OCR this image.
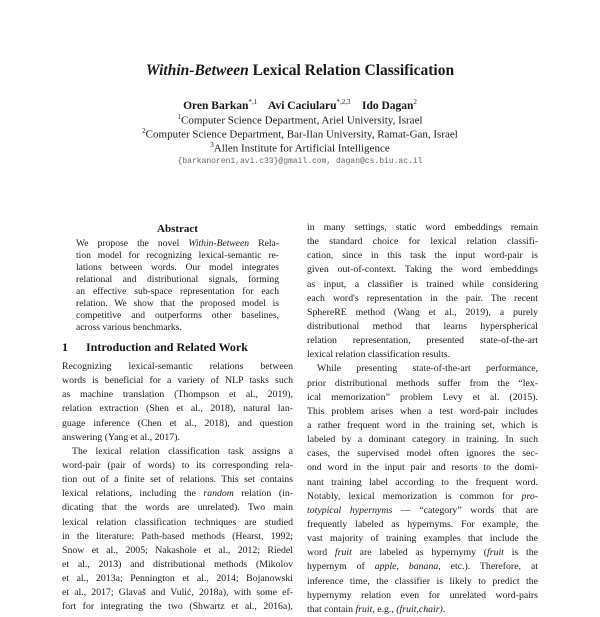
Within-Between Lexical Relation Classification
Oren Barkan$^{*,1}$ Avi Caciularu$^{*,2,3}$ Ido Dagan$^2$
$^1$Computer Science Department, Ariel University, Israel
$^2$Computer Science Department, Bar-Ilan University, Ramat-Gan, Israel
$^3$Allen Institute for Artificial Intelligence
{barkanoren1,avi.c33}@gmail.com, dagan@cs.biu.ac.il
Abstract
We propose the novel Within-Between Rela-
tion model for recognizing lexical-semantic re-
lations between words. Our model integrates
relational and distributional signals, forming
an effective sub-space representation for each
relation. We show that the proposed model is
competitive and outperforms other baselines,
across various benchmarks.
1 Introduction and Related Work
Recognizing lexical-semantic relations between
words is beneficial for a variety of NLP tasks such
as machine translation (Thompson et al., 2019),
relation extraction (Shen et al., 2018), natural lan-
guage inference (Chen et al., 2018), and question
answering (Yang et al., 2017).
The lexical relation classification task assigns a
word-pair (pair of words) to its corresponding rela-
tion out of a finite set of relations. This set contains
lexical relations, including the random relation (in-
dicating that the words are unrelated). Two main
lexical relation classification techniques are studied
in the literature: Path-based methods (Hearst, 1992;
Snow et al., 2005; Nakashole et al., 2012; Riedel
et al., 2013) and distributional methods (Mikolov
et al., 2013a; Pennington et al., 2014; Bojanowski
et al., 2017; Glavaš and Vulić, 2018a), with some ef-
fort for integrating the two (Shwartz et al., 2016a),
in many settings, static word embeddings remain
the standard choice for lexical relation classifi-
cation, since in this task the input word-pair is
given out-of-context. Taking the word embeddings
as input, a classifier is trained while considering
each word's representation in the pair. The recent
SphereRE method (Wang et al., 2019), a purely
distributional method that learns hyperspherical
relation representation, presented state-of-the-art
lexical relation classification results.
While presenting state-of-the-art performance,
prior distributional methods suffer from the “lex-
ical memorization” problem Levy et al. (2015).
This problem arises when a test word-pair includes
a rather frequent word in the training set, which is
labeled by a dominant category in training. In such
cases, the supervised model often ignores the sec-
ond word in the input pair and resorts to the domi-
nant training label according to the frequent word.
Notably, lexical memorization is common for pro-
totypical hypernyms — “category” words that are
frequently labeled as hypernyms. For example, the
vast majority of training examples that include the
word fruit are labeled as hypernymy (fruit is the
hypernym of apple, banana, etc.). Therefore, at
inference time, the classifier is likely to predict the
hypernymy relation even for unrelated word-pairs
that contain fruit, e.g., (fruit,chair).
